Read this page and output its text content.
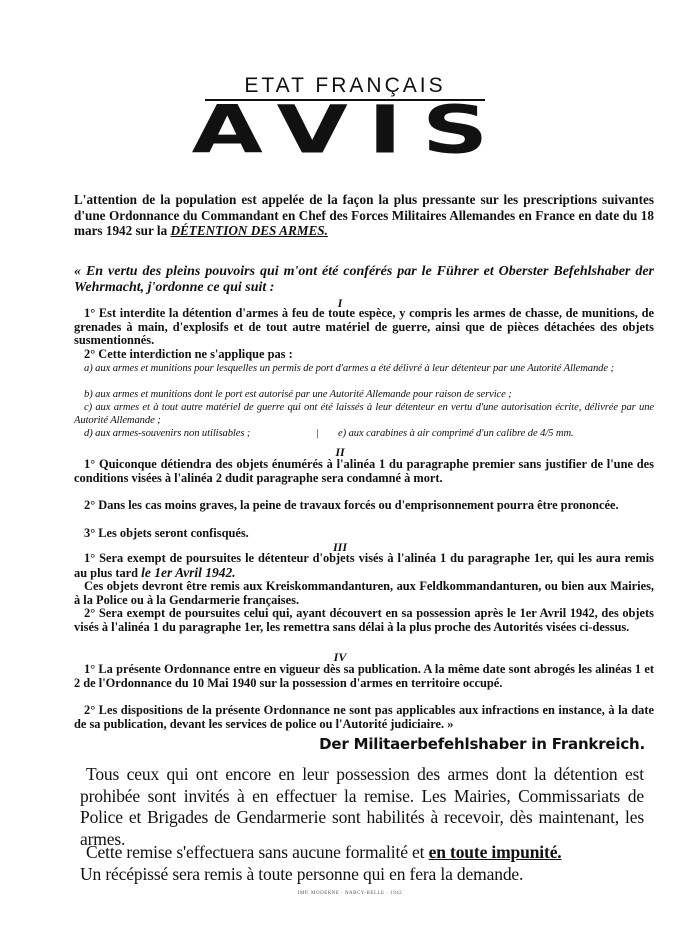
ETAT FRANÇAIS
AVIS
L'attention de la population est appelée de la façon la plus pressante sur les prescriptions suivantes d'une Ordonnance du Commandant en Chef des Forces Militaires Allemandes en France en date du 18 mars 1942 sur la DÉTENTION DES ARMES.
« En vertu des pleins pouvoirs qui m'ont été conférés par le Führer et Oberster Befehlshaber der Wehrmacht, j'ordonne ce qui suit :
I
1° Est interdite la détention d'armes à feu de toute espèce, y compris les armes de chasse, de munitions, de grenades à main, d'explosifs et de tout autre matériel de guerre, ainsi que de pièces détachées des objets susmentionnés.
2° Cette interdiction ne s'applique pas :
a) aux armes et munitions pour lesquelles un permis de port d'armes a été délivré à leur détenteur par une Autorité Allemande ;
b) aux armes et munitions dont le port est autorisé par une Autorité Allemande pour raison de service ;
c) aux armes et à tout autre matériel de guerre qui ont été laissés à leur détenteur en vertu d'une autorisation écrite, délivrée par une Autorité Allemande ;
d) aux armes-souvenirs non utilisables ;	| e) aux carabines à air comprimé d'un calibre de 4/5 mm.
II
1° Quiconque détiendra des objets énumérés à l'alinéa 1 du paragraphe premier sans justifier de l'une des conditions visées à l'alinéa 2 dudit paragraphe sera condamné à mort.
2° Dans les cas moins graves, la peine de travaux forcés ou d'emprisonnement pourra être prononcée.
3° Les objets seront confisqués.
III
1° Sera exempt de poursuites le détenteur d'objets visés à l'alinéa 1 du paragraphe 1er, qui les aura remis au plus tard le 1er Avril 1942.
Ces objets devront être remis aux Kreiskommandanturen, aux Feldkommandanturen, ou bien aux Mairies, à la Police ou à la Gendarmerie françaises.
2° Sera exempt de poursuites celui qui, ayant découvert en sa possession après le 1er Avril 1942, des objets visés à l'alinéa 1 du paragraphe 1er, les remettra sans délai à la plus proche des Autorités visées ci-dessus.
IV
1° La présente Ordonnance entre en vigueur dès sa publication. A la même date sont abrogés les alinéas 1 et 2 de l'Ordonnance du 10 Mai 1940 sur la possession d'armes en territoire occupé.
2° Les dispositions de la présente Ordonnance ne sont pas applicables aux infractions en instance, à la date de sa publication, devant les services de police ou l'Autorité judiciaire. »
Der Militaerbefehlshaber in Frankreich.
Tous ceux qui ont encore en leur possession des armes dont la détention est prohibée sont invités à en effectuer la remise. Les Mairies, Commissariats de Police et Brigades de Gendarmerie sont habilités à recevoir, dès maintenant, les armes.
Cette remise s'effectuera sans aucune formalité et en toute impunité.
Un récépissé sera remis à toute personne qui en fera la demande.
IMP. MODERNE · NARCY-BELLE · 1942
